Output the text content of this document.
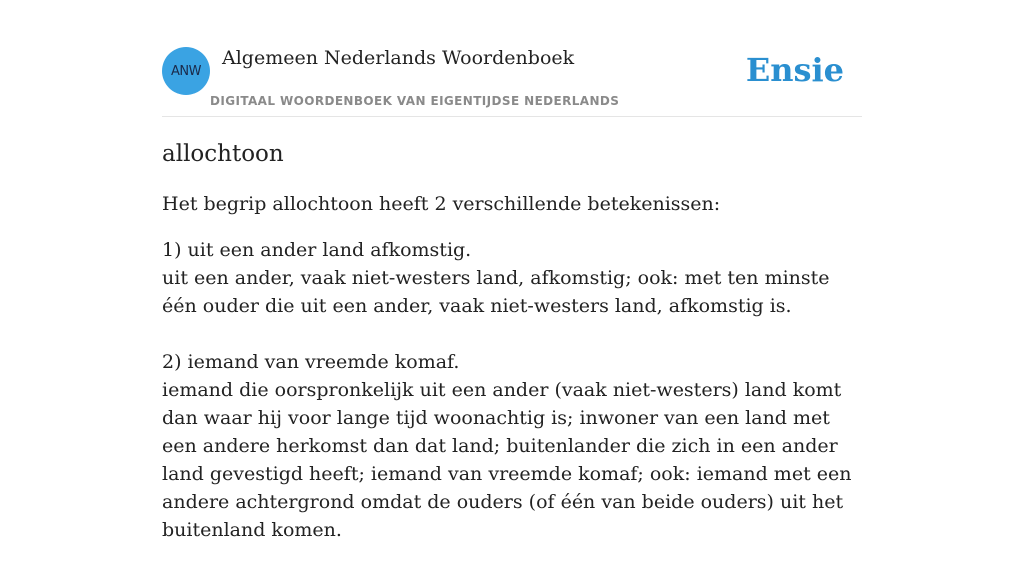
ANW
Algemeen Nederlands Woordenboek
DIGITAAL WOORDENBOEK VAN EIGENTIJDSE NEDERLANDS
Ensie
allochtoon

Het begrip allochtoon heeft 2 verschillende betekenissen:

1) uit een ander land afkomstig.

uit een ander, vaak niet-westers land, afkomstig; ook: met ten minste één ouder die uit een ander, vaak niet-westers land, afkomstig is.

2) iemand van vreemde komaf.

iemand die oorspronkelijk uit een ander (vaak niet-westers) land komt dan waar hij voor lange tijd woonachtig is; inwoner van een land met een andere herkomst dan dat land; buitenlander die zich in een ander land gevestigd heeft; iemand van vreemde komaf; ook: iemand met een andere achtergrond omdat de ouders (of één van beide ouders) uit het buitenland komen.
